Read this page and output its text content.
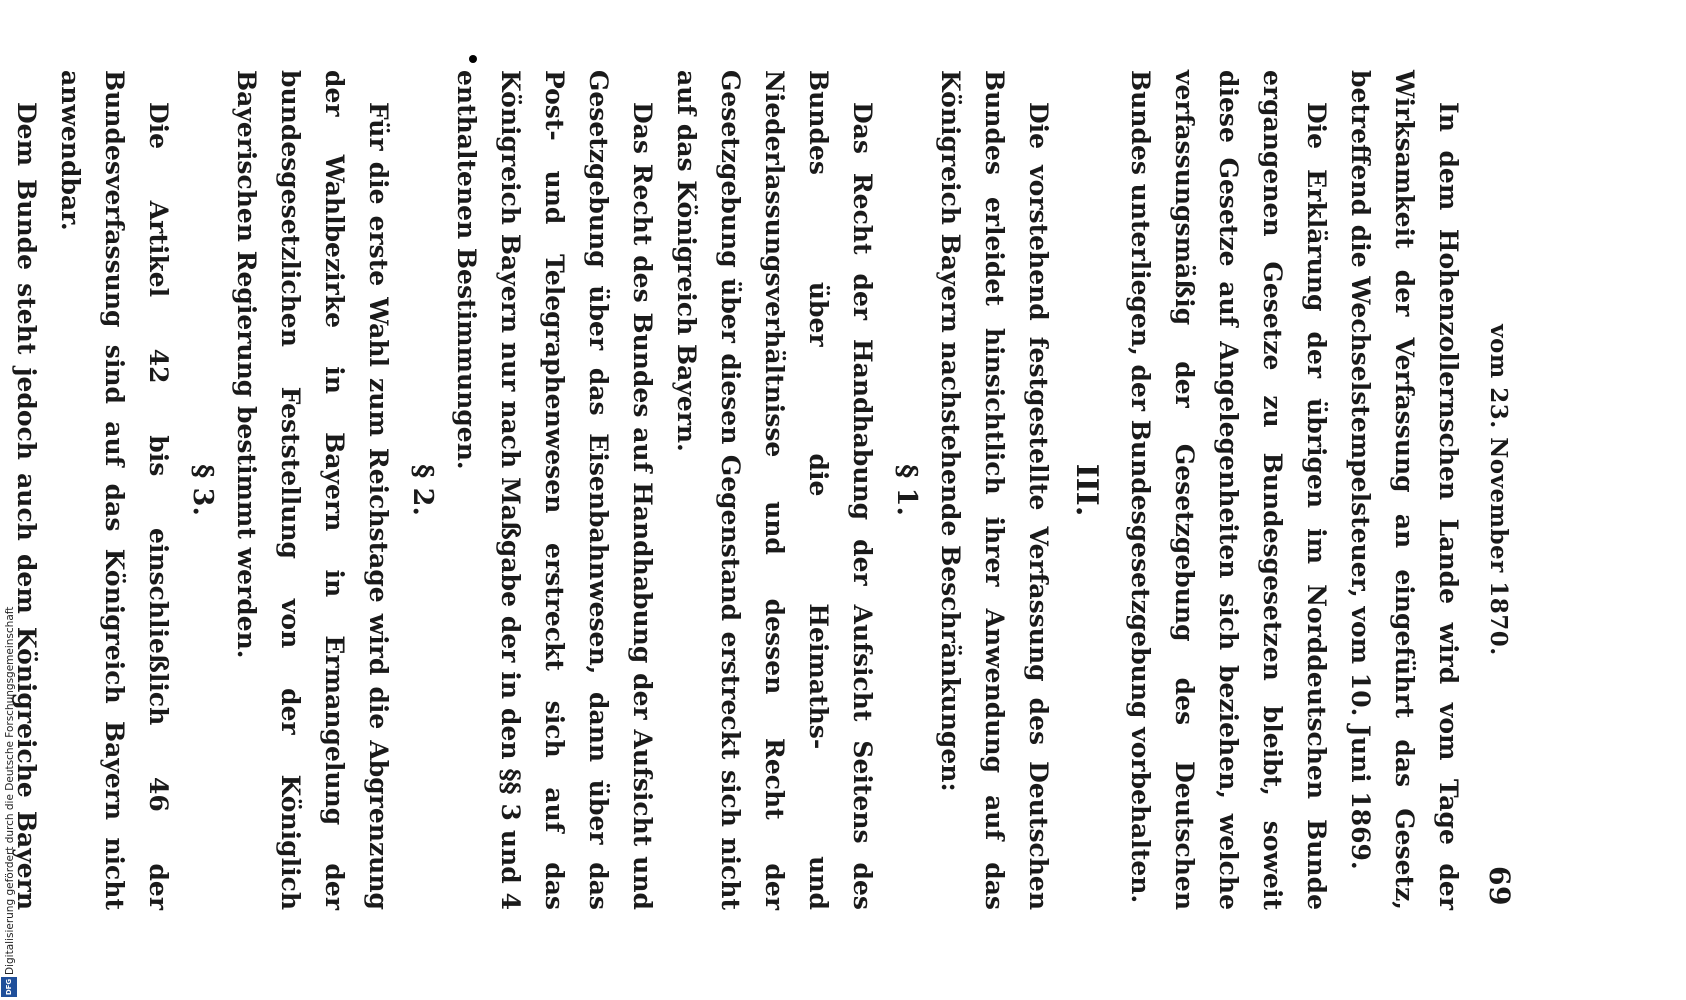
vom 23. November 1870.
69

In dem Hohenzollernschen Lande wird vom Tage der Wirksamkeit der Verfassung an eingeführt das Gesetz, betreffend die Wechselstempelsteuer, vom 10. Juni 1869.

Die Erklärung der übrigen im Norddeutschen Bunde ergangenen Gesetze zu Bundesgesetzen bleibt, soweit diese Gesetze auf Angelegenheiten sich beziehen, welche verfassungsmäßig der Gesetzgebung des Deutschen Bundes unterliegen, der Bundesgesetzgebung vorbehalten.

III.

Die vorstehend festgestellte Verfassung des Deutschen Bundes erleidet hinsichtlich ihrer Anwendung auf das Königreich Bayern nachstehende Beschränkungen:

§ 1.

Das Recht der Handhabung der Aufsicht Seitens des Bundes über die Heimaths- und Niederlassungsverhältnisse und dessen Recht der Gesetzgebung über diesen Gegenstand erstreckt sich nicht auf das Königreich Bayern.

Das Recht des Bundes auf Handhabung der Aufsicht und Gesetzgebung über das Eisenbahnwesen, dann über das Post- und Telegraphenwesen erstreckt sich auf das Königreich Bayern nur nach Maßgabe der in den §§ 3 und 4 enthaltenen Bestimmungen.

§ 2.

Für die erste Wahl zum Reichstage wird die Abgrenzung der Wahlbezirke in Bayern in Ermangelung der bundesgesetzlichen Feststellung von der Königlich Bayerischen Regierung bestimmt werden.

§ 3.

Die Artikel 42 bis einschließlich 46 der Bundesverfassung sind auf das Königreich Bayern nicht anwendbar.

Dem Bunde steht jedoch auch dem Königreiche Bayern

Digitalisierung gefördert durch die Deutsche Forschungsgemeinschaft
DFG
